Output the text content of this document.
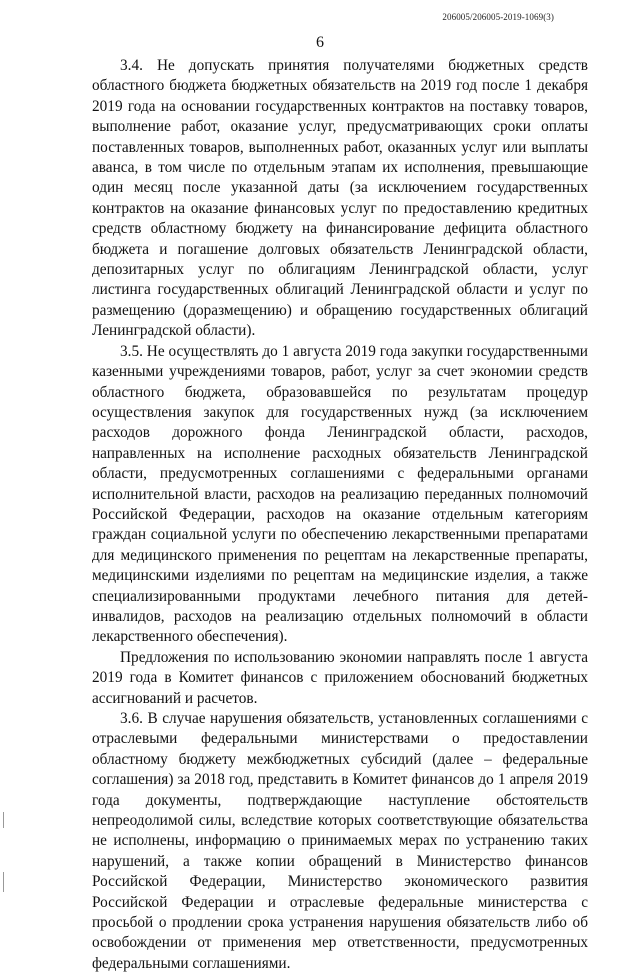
206005/206005-2019-1069(3)
6

3.4. Не допускать принятия получателями бюджетных средств областного бюджета бюджетных обязательств на 2019 год после 1 декабря 2019 года на основании государственных контрактов на поставку товаров, выполнение работ, оказание услуг, предусматривающих сроки оплаты поставленных товаров, выполненных работ, оказанных услуг или выплаты аванса, в том числе по отдельным этапам их исполнения, превышающие один месяц после указанной даты (за исключением государственных контрактов на оказание финансовых услуг по предоставлению кредитных средств областному бюджету на финансирование дефицита областного бюджета и погашение долговых обязательств Ленинградской области, депозитарных услуг по облигациям Ленинградской области, услуг листинга государственных облигаций Ленинградской области и услуг по размещению (доразмещению) и обращению государственных облигаций Ленинградской области).

3.5. Не осуществлять до 1 августа 2019 года закупки государственными казенными учреждениями товаров, работ, услуг за счет экономии средств областного бюджета, образовавшейся по результатам процедур осуществления закупок для государственных нужд (за исключением расходов дорожного фонда Ленинградской области, расходов, направленных на исполнение расходных обязательств Ленинградской области, предусмотренных соглашениями с федеральными органами исполнительной власти, расходов на реализацию переданных полномочий Российской Федерации, расходов на оказание отдельным категориям граждан социальной услуги по обеспечению лекарственными препаратами для медицинского применения по рецептам на лекарственные препараты, медицинскими изделиями по рецептам на медицинские изделия, а также специализированными продуктами лечебного питания для детей-инвалидов, расходов на реализацию отдельных полномочий в области лекарственного обеспечения).

Предложения по использованию экономии направлять после 1 августа 2019 года в Комитет финансов с приложением обоснований бюджетных ассигнований и расчетов.

3.6. В случае нарушения обязательств, установленных соглашениями с отраслевыми федеральными министерствами о предоставлении областному бюджету межбюджетных субсидий (далее – федеральные соглашения) за 2018 год, представить в Комитет финансов до 1 апреля 2019 года документы, подтверждающие наступление обстоятельств непреодолимой силы, вследствие которых соответствующие обязательства не исполнены, информацию о принимаемых мерах по устранению таких нарушений, а также копии обращений в Министерство финансов Российской Федерации, Министерство экономического развития Российской Федерации и отраслевые федеральные министерства с просьбой о продлении срока устранения нарушения обязательств либо об освобождении от применения мер ответственности, предусмотренных федеральными соглашениями.
